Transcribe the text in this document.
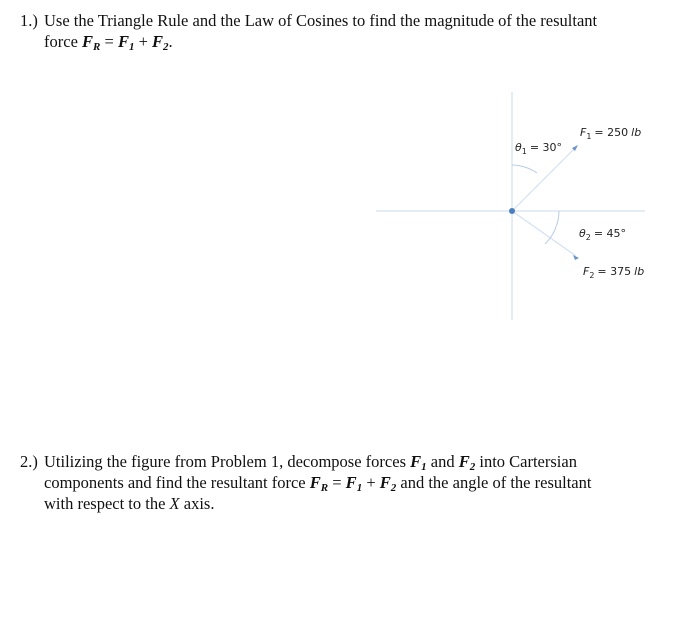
1.) Use the Triangle Rule and the Law of Cosines to find the magnitude of the resultant
force $F_R = F_1 + F_2$.
$\theta_1 = 30^\circ$
$F_1 = 250$ lb
$\theta_2 = 45^\circ$
$F_2 = 375$ lb
2.) Utilizing the figure from Problem 1, decompose forces $F_1$ and $F_2$ into Cartersian
components and find the resultant force $F_R = F_1 + F_2$ and the angle of the resultant
with respect to the X axis.
